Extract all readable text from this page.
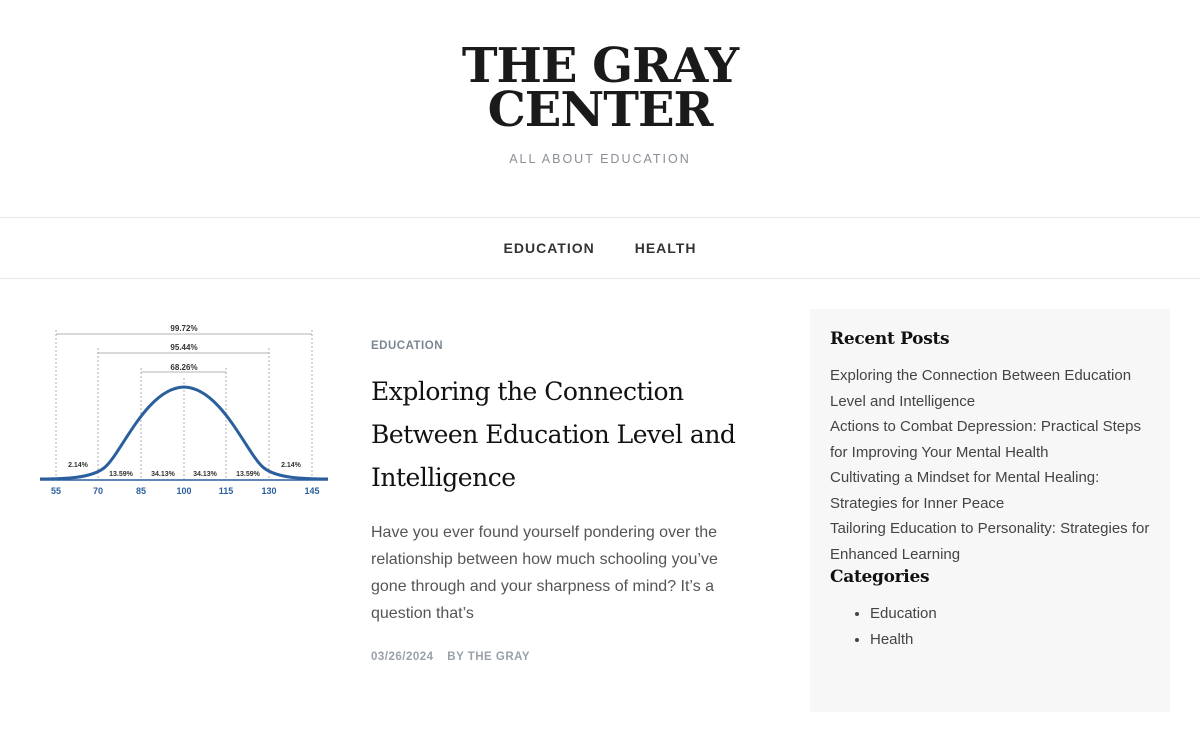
THE GRAY
CENTER
ALL ABOUT EDUCATION
EDUCATION	HEALTH
99.72%
95.44%
68.26%
2.14%
13.59%	34.13%	34.13%	13.59%
2.14%
55	70	85	100	115	130	145
EDUCATION
Exploring the Connection Between Education Level and Intelligence

Have you ever found yourself pondering over the relationship between how much schooling you’ve gone through and your sharpness of mind? It’s a question that’s

03/26/2024 BY THE GRAY
Recent Posts
Exploring the Connection Between Education Level and Intelligence
Actions to Combat Depression: Practical Steps for Improving Your Mental Health
Cultivating a Mindset for Mental Healing: Strategies for Inner Peace
Tailoring Education to Personality: Strategies for Enhanced Learning
Categories
• Education
• Health
